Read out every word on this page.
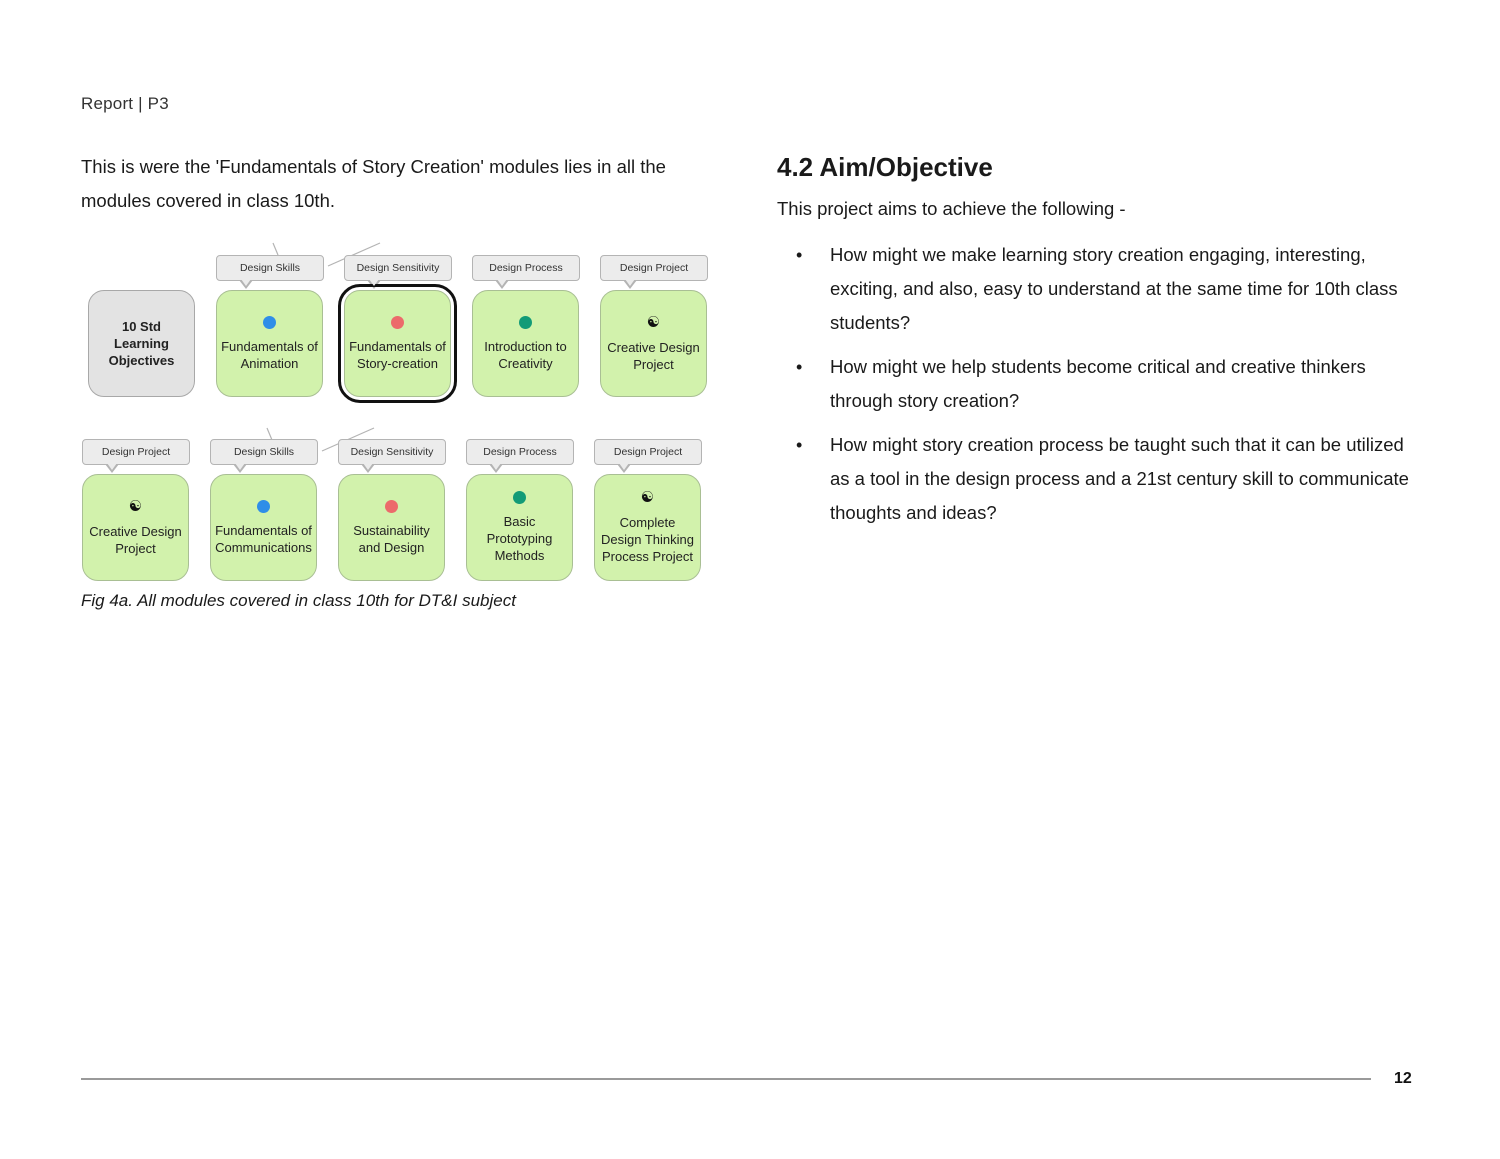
Report | P3

This is were the 'Fundamentals of Story Creation' modules lies in all the modules covered in class 10th.

10 Std Learning Objectives
Design Skills
Fundamentals of Animation
Design Sensitivity
Fundamentals of Story-creation
Design Process
Introduction to Creativity
Design Project
☯
Creative Design Project
Design Project
☯
Creative Design Project
Design Skills
Fundamentals of Communications
Design Sensitivity
Sustainability and Design
Design Process
Basic Prototyping Methods
Design Project
☯
Complete Design Thinking Process Project
Fig 4a. All modules covered in class 10th for DT&I subject
4.2 Aim/Objective

This project aims to achieve the following -

• How might we make learning story creation engaging, interesting, exciting, and also, easy to understand at the same time for 10th class students?
• How might we help students become critical and creative thinkers through story creation?
• How might story creation process be taught such that it can be utilized as a tool in the design process and a 21st century skill to communicate thoughts and ideas?
12
